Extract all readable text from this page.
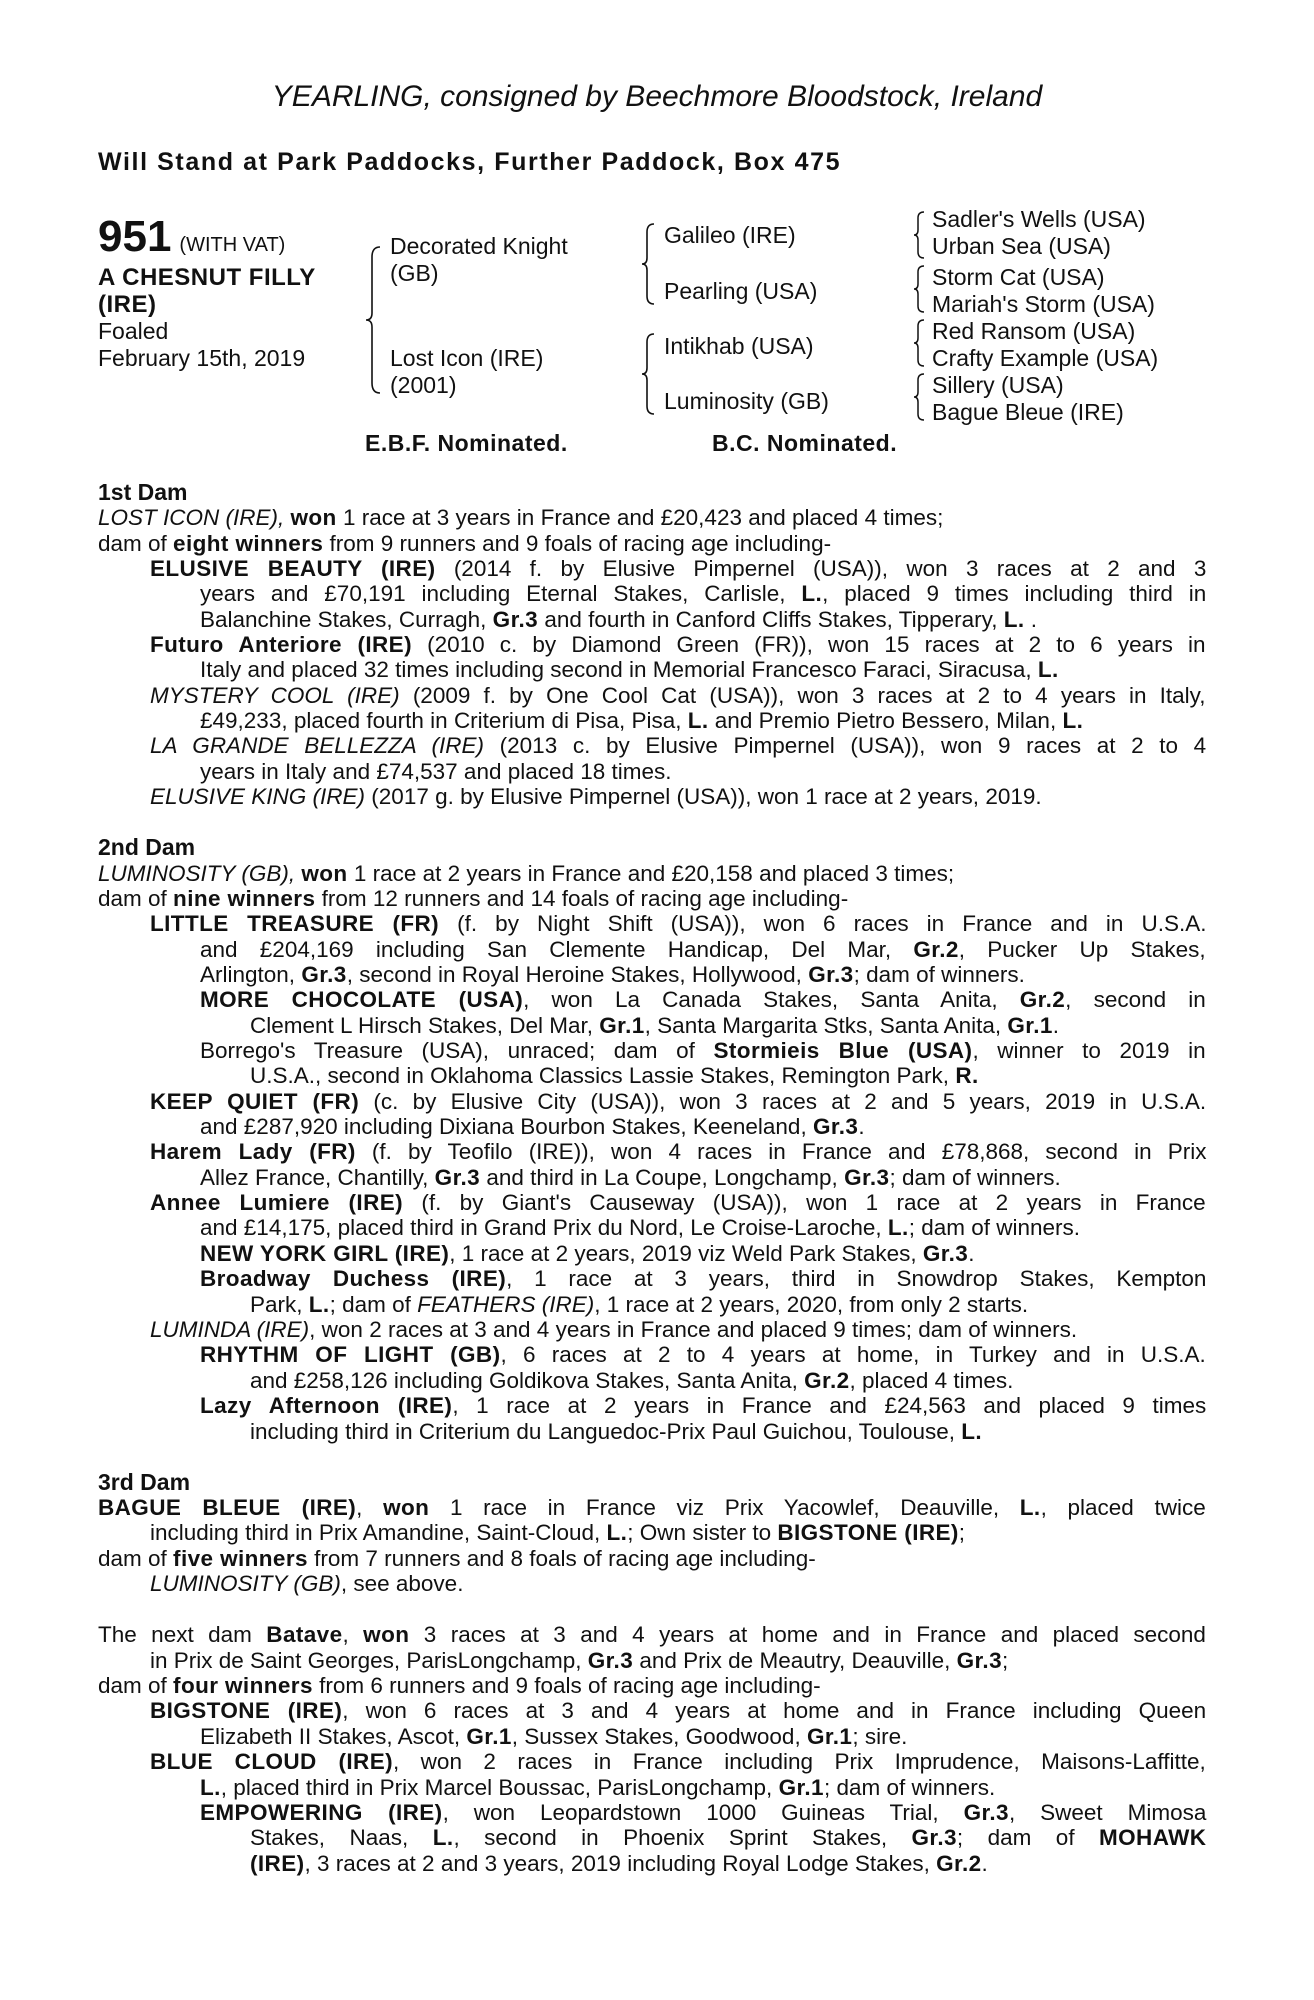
YEARLING, consigned by Beechmore Bloodstock, Ireland
Will Stand at Park Paddocks, Further Paddock, Box 475
951 (WITH VAT)
A CHESNUT FILLY
(IRE)
Foaled
February 15th, 2019
Decorated Knight
(GB)
Lost Icon (IRE)
(2001)
Galileo (IRE)
Pearling (USA)
Intikhab (USA)
Luminosity (GB)
Sadler's Wells (USA)
Urban Sea (USA)
Storm Cat (USA)
Mariah's Storm (USA)
Red Ransom (USA)
Crafty Example (USA)
Sillery (USA)
Bague Bleue (IRE)
E.B.F. Nominated.	B.C. Nominated.
1st Dam
LOST ICON (IRE), won 1 race at 3 years in France and £20,423 and placed 4 times;
dam of eight winners from 9 runners and 9 foals of racing age including-
ELUSIVE BEAUTY (IRE) (2014 f. by Elusive Pimpernel (USA)), won 3 races at 2 and 3
years and £70,191 including Eternal Stakes, Carlisle, L., placed 9 times including third in
Balanchine Stakes, Curragh, Gr.3 and fourth in Canford Cliffs Stakes, Tipperary, L. .
Futuro Anteriore (IRE) (2010 c. by Diamond Green (FR)), won 15 races at 2 to 6 years in
Italy and placed 32 times including second in Memorial Francesco Faraci, Siracusa, L.
MYSTERY COOL (IRE) (2009 f. by One Cool Cat (USA)), won 3 races at 2 to 4 years in Italy,
£49,233, placed fourth in Criterium di Pisa, Pisa, L. and Premio Pietro Bessero, Milan, L.
LA GRANDE BELLEZZA (IRE) (2013 c. by Elusive Pimpernel (USA)), won 9 races at 2 to 4
years in Italy and £74,537 and placed 18 times.
ELUSIVE KING (IRE) (2017 g. by Elusive Pimpernel (USA)), won 1 race at 2 years, 2019.
2nd Dam
LUMINOSITY (GB), won 1 race at 2 years in France and £20,158 and placed 3 times;
dam of nine winners from 12 runners and 14 foals of racing age including-
LITTLE TREASURE (FR) (f. by Night Shift (USA)), won 6 races in France and in U.S.A.
and £204,169 including San Clemente Handicap, Del Mar, Gr.2, Pucker Up Stakes,
Arlington, Gr.3, second in Royal Heroine Stakes, Hollywood, Gr.3; dam of winners.
MORE CHOCOLATE (USA), won La Canada Stakes, Santa Anita, Gr.2, second in
Clement L Hirsch Stakes, Del Mar, Gr.1, Santa Margarita Stks, Santa Anita, Gr.1.
Borrego's Treasure (USA), unraced; dam of Stormieis Blue (USA), winner to 2019 in
U.S.A., second in Oklahoma Classics Lassie Stakes, Remington Park, R.
KEEP QUIET (FR) (c. by Elusive City (USA)), won 3 races at 2 and 5 years, 2019 in U.S.A.
and £287,920 including Dixiana Bourbon Stakes, Keeneland, Gr.3.
Harem Lady (FR) (f. by Teofilo (IRE)), won 4 races in France and £78,868, second in Prix
Allez France, Chantilly, Gr.3 and third in La Coupe, Longchamp, Gr.3; dam of winners.
Annee Lumiere (IRE) (f. by Giant's Causeway (USA)), won 1 race at 2 years in France
and £14,175, placed third in Grand Prix du Nord, Le Croise-Laroche, L.; dam of winners.
NEW YORK GIRL (IRE), 1 race at 2 years, 2019 viz Weld Park Stakes, Gr.3.
Broadway Duchess (IRE), 1 race at 3 years, third in Snowdrop Stakes, Kempton
Park, L.; dam of FEATHERS (IRE), 1 race at 2 years, 2020, from only 2 starts.
LUMINDA (IRE), won 2 races at 3 and 4 years in France and placed 9 times; dam of winners.
RHYTHM OF LIGHT (GB), 6 races at 2 to 4 years at home, in Turkey and in U.S.A.
and £258,126 including Goldikova Stakes, Santa Anita, Gr.2, placed 4 times.
Lazy Afternoon (IRE), 1 race at 2 years in France and £24,563 and placed 9 times
including third in Criterium du Languedoc-Prix Paul Guichou, Toulouse, L.
3rd Dam
BAGUE BLEUE (IRE), won 1 race in France viz Prix Yacowlef, Deauville, L., placed twice
including third in Prix Amandine, Saint-Cloud, L.; Own sister to BIGSTONE (IRE);
dam of five winners from 7 runners and 8 foals of racing age including-
LUMINOSITY (GB), see above.
The next dam Batave, won 3 races at 3 and 4 years at home and in France and placed second
in Prix de Saint Georges, ParisLongchamp, Gr.3 and Prix de Meautry, Deauville, Gr.3;
dam of four winners from 6 runners and 9 foals of racing age including-
BIGSTONE (IRE), won 6 races at 3 and 4 years at home and in France including Queen
Elizabeth II Stakes, Ascot, Gr.1, Sussex Stakes, Goodwood, Gr.1; sire.
BLUE CLOUD (IRE), won 2 races in France including Prix Imprudence, Maisons-Laffitte,
L., placed third in Prix Marcel Boussac, ParisLongchamp, Gr.1; dam of winners.
EMPOWERING (IRE), won Leopardstown 1000 Guineas Trial, Gr.3, Sweet Mimosa
Stakes, Naas, L., second in Phoenix Sprint Stakes, Gr.3; dam of MOHAWK
(IRE), 3 races at 2 and 3 years, 2019 including Royal Lodge Stakes, Gr.2.
